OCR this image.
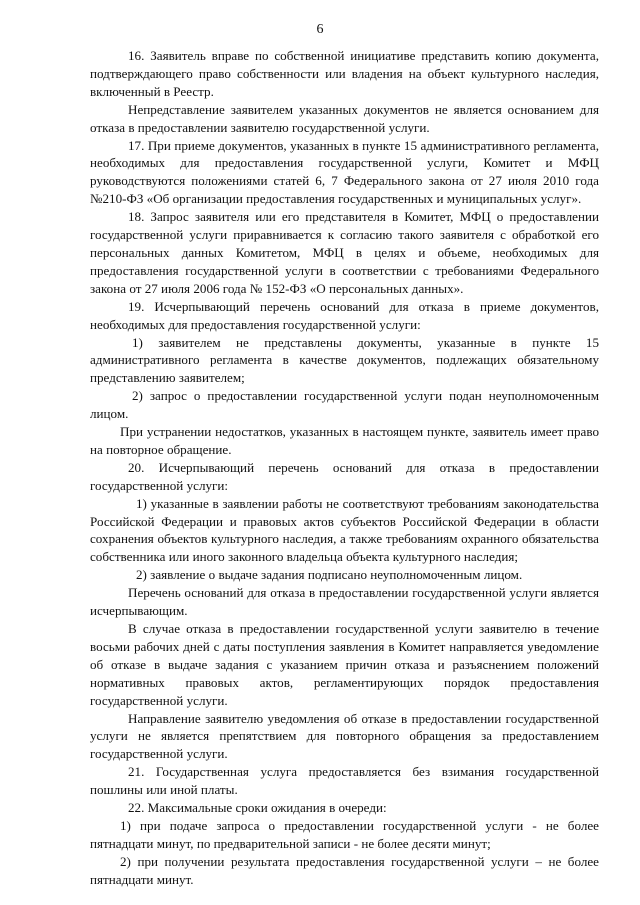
6

16. Заявитель вправе по собственной инициативе представить копию документа, подтверждающего право собственности или владения на объект культурного наследия, включенный в Реестр.

Непредставление заявителем указанных документов не является основанием для отказа в предоставлении заявителю государственной услуги.

17. При приеме документов, указанных в пункте 15 административного регламента, необходимых для предоставления государственной услуги, Комитет и МФЦ руководствуются положениями статей 6, 7 Федерального закона от 27 июля 2010 года №210-ФЗ «Об организации предоставления государственных и муниципальных услуг».

18. Запрос заявителя или его представителя в Комитет, МФЦ о предоставлении государственной услуги приравнивается к согласию такого заявителя с обработкой его персональных данных Комитетом, МФЦ в целях и объеме, необходимых для предоставления государственной услуги в соответствии с требованиями Федерального закона от 27 июля 2006 года № 152-ФЗ «О персональных данных».

19. Исчерпывающий перечень оснований для отказа в приеме документов, необходимых для предоставления государственной услуги:

1) заявителем не представлены документы, указанные в пункте 15 административного регламента в качестве документов, подлежащих обязательному представлению заявителем;

2) запрос о предоставлении государственной услуги подан неуполномоченным лицом.

При устранении недостатков, указанных в настоящем пункте, заявитель имеет право на повторное обращение.

20. Исчерпывающий перечень оснований для отказа в предоставлении государственной услуги:

1) указанные в заявлении работы не соответствуют требованиям законодательства Российской Федерации и правовых актов субъектов Российской Федерации в области сохранения объектов культурного наследия, а также требованиям охранного обязательства собственника или иного законного владельца объекта культурного наследия;

2) заявление о выдаче задания подписано неуполномоченным лицом.

Перечень оснований для отказа в предоставлении государственной услуги является исчерпывающим.

В случае отказа в предоставлении государственной услуги заявителю в течение восьми рабочих дней с даты поступления заявления в Комитет направляется уведомление об отказе в выдаче задания с указанием причин отказа и разъяснением положений нормативных правовых актов, регламентирующих порядок предоставления государственной услуги.

Направление заявителю уведомления об отказе в предоставлении государственной услуги не является препятствием для повторного обращения за предоставлением государственной услуги.

21. Государственная услуга предоставляется без взимания государственной пошлины или иной платы.

22. Максимальные сроки ожидания в очереди:

1) при подаче запроса о предоставлении государственной услуги - не более пятнадцати минут, по предварительной записи - не более десяти минут;

2) при получении результата предоставления государственной услуги – не более пятнадцати минут.
